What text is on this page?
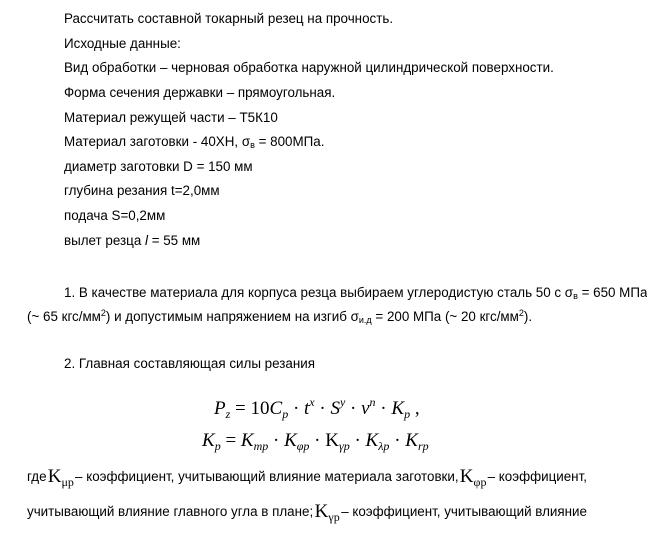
Рассчитать составной токарный резец на прочность.
Исходные данные:
Вид обработки – черновая обработка наружной цилиндрической поверхности.
Форма сечения державки – прямоугольная.
Материал режущей части – Т5К10
Материал заготовки - 40ХН, $\sigma_в = 800МПа$.
диаметр заготовки D = 150 мм
глубина резания t=2,0мм
подача S=0,2мм
вылет резца l = 55 мм
1. В качестве материала для корпуса резца выбираем углеродистую сталь 50 с $\sigma_в = 650$ МПа
(~ 65 кгс/$мм^2$) и допустимым напряжением на изгиб $\sigma_{и.д} = 200$ МПа (~ 20 кгс/$мм^2$).
2. Главная составляющая силы резания
$P_z = 10C_p \cdot t^x \cdot S^y \cdot v^n \cdot K_p$ ,
$K_p = K_{mp} \cdot K_{\varphi p} \cdot K_{\gamma p} \cdot K_{\lambda p} \cdot K_{rp}$
где $K_{\mu p}$ – коэффициент, учитывающий влияние материала заготовки, $K_{\varphi p}$ – коэффициент,
учитывающий влияние главного угла в плане; $K_{\gamma p}$ – коэффициент, учитывающий влияние
